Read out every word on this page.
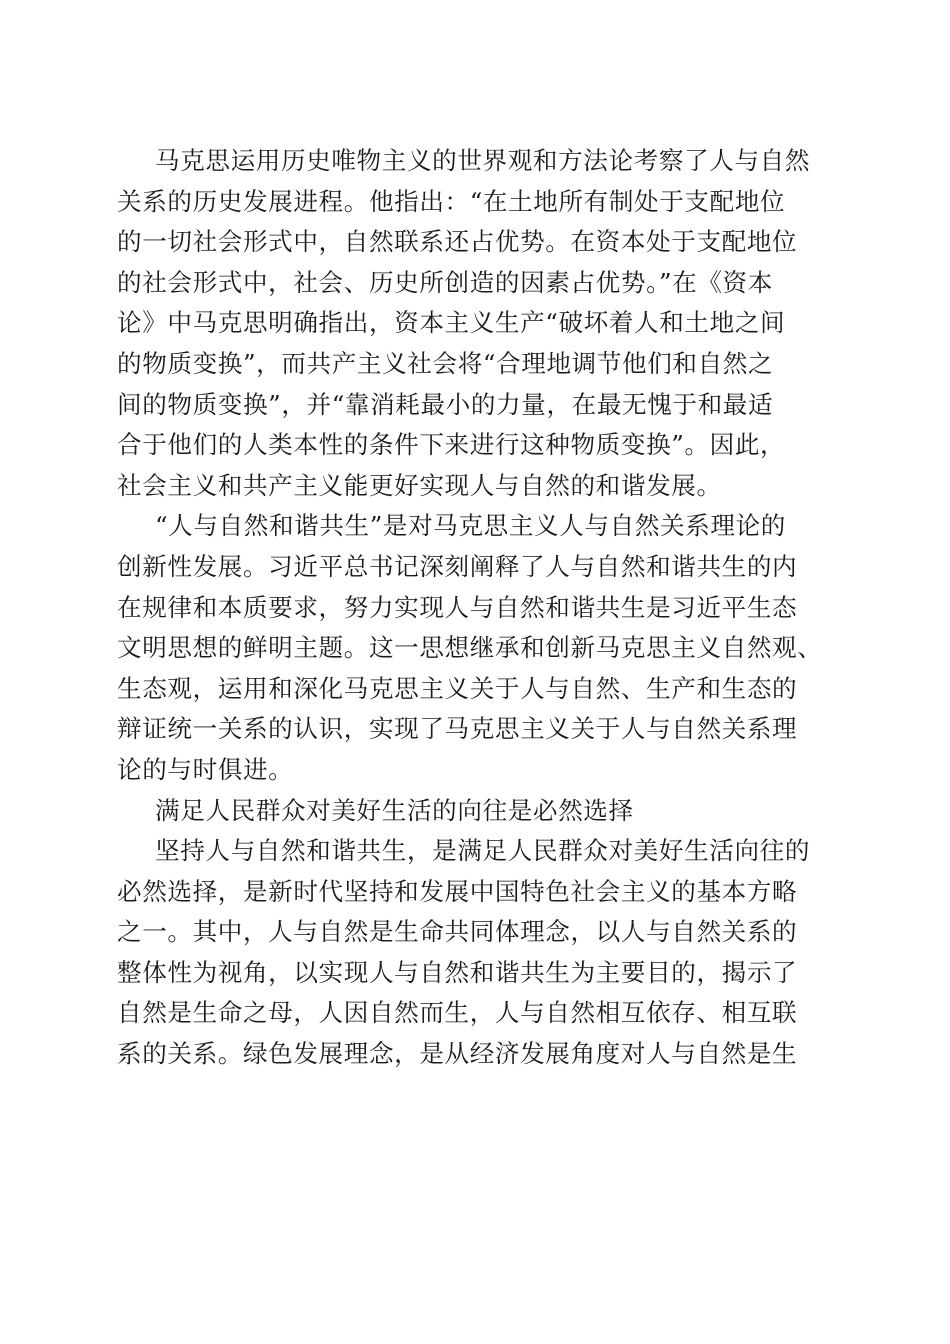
马克思运用历史唯物主义的世界观和方法论考察了人与自然
关系的历史发展进程。他指出：“在土地所有制处于支配地位
的一切社会形式中，自然联系还占优势。在资本处于支配地位
的社会形式中，社会、历史所创造的因素占优势。”在《资本
论》中马克思明确指出，资本主义生产“破坏着人和土地之间
的物质变换”，而共产主义社会将“合理地调节他们和自然之
间的物质变换”，并“靠消耗最小的力量，在最无愧于和最适
合于他们的人类本性的条件下来进行这种物质变换”。因此，
社会主义和共产主义能更好实现人与自然的和谐发展。
“人与自然和谐共生”是对马克思主义人与自然关系理论的
创新性发展。习近平总书记深刻阐释了人与自然和谐共生的内
在规律和本质要求，努力实现人与自然和谐共生是习近平生态
文明思想的鲜明主题。这一思想继承和创新马克思主义自然观、
生态观，运用和深化马克思主义关于人与自然、生产和生态的
辩证统一关系的认识，实现了马克思主义关于人与自然关系理
论的与时俱进。
满足人民群众对美好生活的向往是必然选择
坚持人与自然和谐共生，是满足人民群众对美好生活向往的
必然选择，是新时代坚持和发展中国特色社会主义的基本方略
之一。其中，人与自然是生命共同体理念，以人与自然关系的
整体性为视角，以实现人与自然和谐共生为主要目的，揭示了
自然是生命之母，人因自然而生，人与自然相互依存、相互联
系的关系。绿色发展理念，是从经济发展角度对人与自然是生
